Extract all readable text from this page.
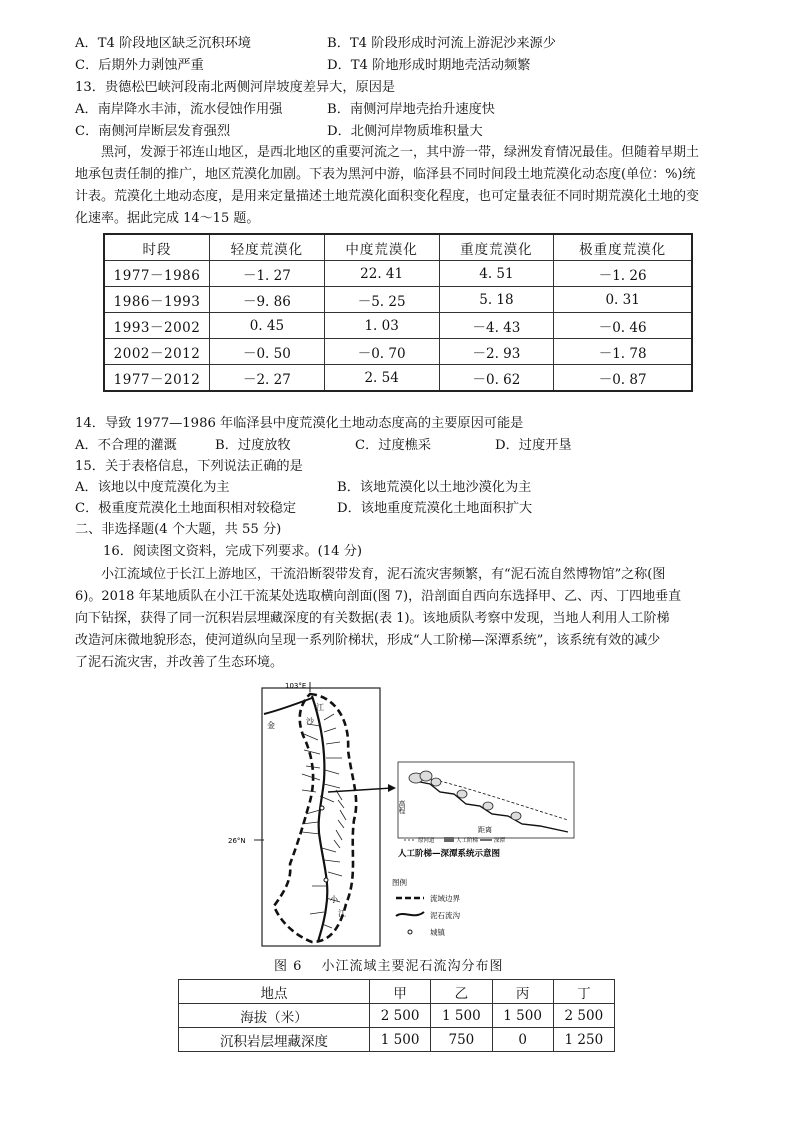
A．T4 阶段地区缺乏沉积环境	B．T4 阶段形成时河流上游泥沙来源少
C．后期外力剥蚀严重	D．T4 阶地形成时期地壳活动频繁
13．贵德松巴峡河段南北两侧河岸坡度差异大，原因是
A．南岸降水丰沛，流水侵蚀作用强	B．南侧河岸地壳抬升速度快
C．南侧河岸断层发育强烈	D．北侧河岸物质堆积量大

黑河，发源于祁连山地区，是西北地区的重要河流之一，其中游一带，绿洲发育情况最佳。但随着早期土

地承包责任制的推广，地区荒漠化加剧。下表为黑河中游，临泽县不同时间段土地荒漠化动态度(单位：%)统

计表。荒漠化土地动态度，是用来定量描述土地荒漠化面积变化程度，也可定量表征不同时期荒漠化土地的变

化速率。据此完成 14～15 题。

时段	轻度荒漠化	中度荒漠化	重度荒漠化	极重度荒漠化
1977－1986	－1. 27	22. 41	4. 51	－1. 26
1986－1993	－9. 86	－5. 25	5. 18	0. 31
1993－2002	0. 45	1. 03	－4. 43	－0. 46
2002－2012	－0. 50	－0. 70	－2. 93	－1. 78
1977－2012	－2. 27	2. 54	－0. 62	－0. 87
14．导致 1977—1986 年临泽县中度荒漠化土地动态度高的主要原因可能是
A．不合理的灌溉	B．过度放牧	C．过度樵采	D．过度开垦
15．关于表格信息，下列说法正确的是
A．该地以中度荒漠化为主	B．该地荒漠化以土地沙漠化为主
C．极重度荒漠化土地面积相对较稳定	D．该地重度荒漠化土地面积扩大
二、非选择题(4 个大题，共 55 分)
16．阅读图文资料，完成下列要求。(14 分)

小江流域位于长江上游地区，干流沿断裂带发育，泥石流灾害频繁，有“泥石流自然博物馆”之称(图

6)。2018 年某地质队在小江干流某处选取横向剖面(图 7)，沿剖面自西向东选择甲、乙、丙、丁四地垂直

向下钻探，获得了同一沉积岩层埋藏深度的有关数据(表 1)。该地质队考察中发现，当地人利用人工阶梯

改造河床微地貌形态，使河道纵向呈现一系列阶梯状，形成“人工阶梯—深潭系统”，该系统有效的减少

了泥石流灾害，并改善了生态环境。

103°E
26°N
江
沙
金
小
江
高程
距离
原河道	人工阶梯	深潭
人工阶梯—深潭系统示意图
图例
流域边界
泥石流沟
城镇
图 6　 小江流域主要泥石流沟分布图
地点	甲	乙	丙	丁
海拔（米）	2 500	1 500	1 500	2 500
沉积岩层埋藏深度	1 500	750	0	1 250
